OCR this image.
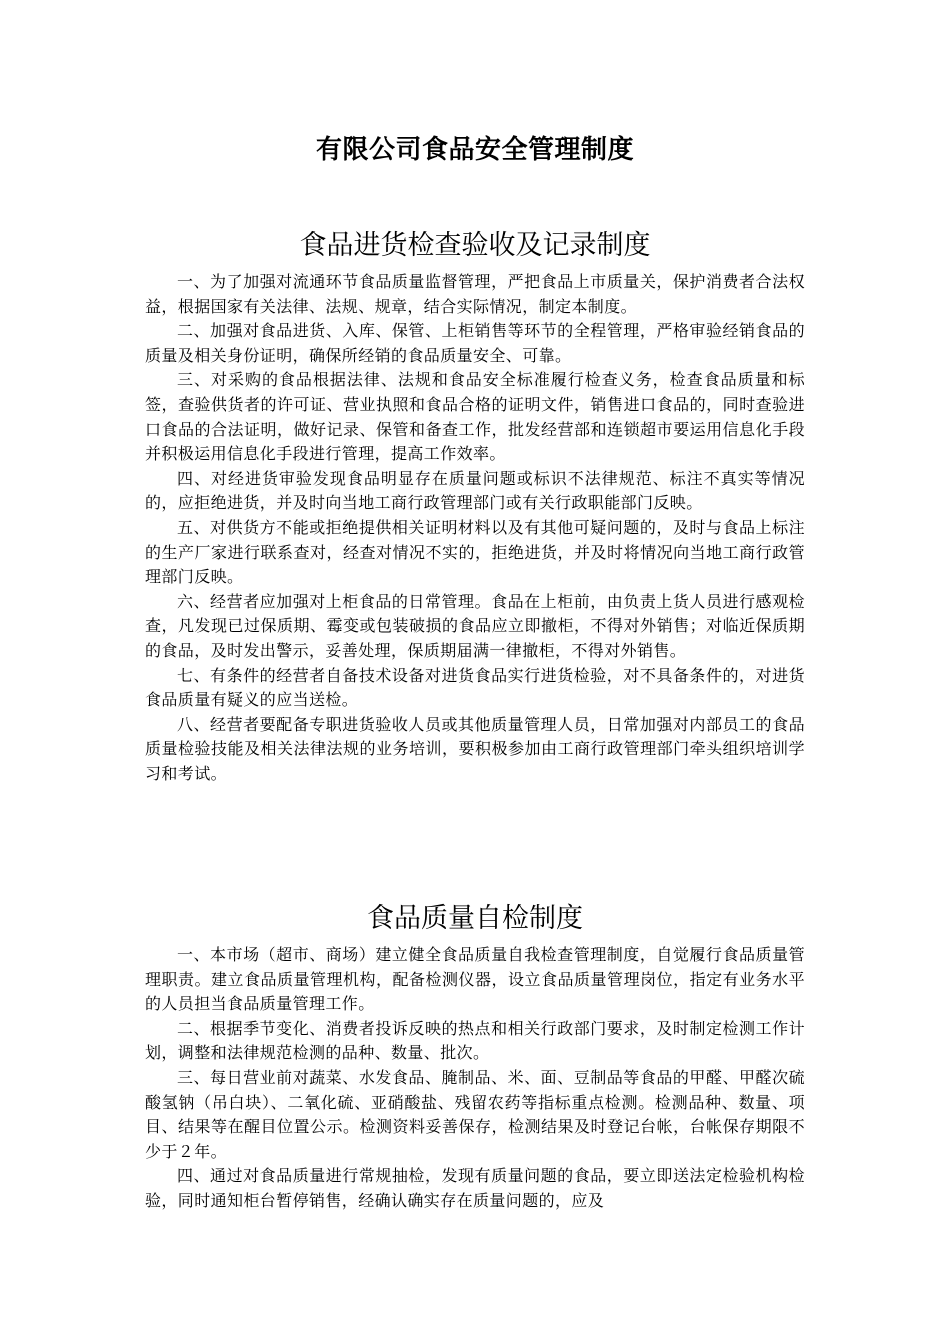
有限公司食品安全管理制度
食品进货检查验收及记录制度

一、为了加强对流通环节食品质量监督管理，严把食品上市质量关，保护消费者合法权益，根据国家有关法律、法规、规章，结合实际情况，制定本制度。

二、加强对食品进货、入库、保管、上柜销售等环节的全程管理，严格审验经销食品的质量及相关身份证明，确保所经销的食品质量安全、可靠。

三、对采购的食品根据法律、法规和食品安全标准履行检查义务，检查食品质量和标签，查验供货者的许可证、营业执照和食品合格的证明文件，销售进口食品的，同时查验进口食品的合法证明，做好记录、保管和备查工作，批发经营部和连锁超市要运用信息化手段并积极运用信息化手段进行管理，提高工作效率。

四、对经进货审验发现食品明显存在质量问题或标识不法律规范、标注不真实等情况的，应拒绝进货，并及时向当地工商行政管理部门或有关行政职能部门反映。

五、对供货方不能或拒绝提供相关证明材料以及有其他可疑问题的，及时与食品上标注的生产厂家进行联系查对，经查对情况不实的，拒绝进货，并及时将情况向当地工商行政管理部门反映。

六、经营者应加强对上柜食品的日常管理。食品在上柜前，由负责上货人员进行感观检查，凡发现已过保质期、霉变或包装破损的食品应立即撤柜，不得对外销售；对临近保质期的食品，及时发出警示，妥善处理，保质期届满一律撤柜，不得对外销售。

七、有条件的经营者自备技术设备对进货食品实行进货检验，对不具备条件的，对进货食品质量有疑义的应当送检。

八、经营者要配备专职进货验收人员或其他质量管理人员，日常加强对内部员工的食品质量检验技能及相关法律法规的业务培训，要积极参加由工商行政管理部门牵头组织培训学习和考试。

食品质量自检制度

一、本市场（超市、商场）建立健全食品质量自我检查管理制度，自觉履行食品质量管理职责。建立食品质量管理机构，配备检测仪器，设立食品质量管理岗位，指定有业务水平的人员担当食品质量管理工作。

二、根据季节变化、消费者投诉反映的热点和相关行政部门要求，及时制定检测工作计划，调整和法律规范检测的品种、数量、批次。

三、每日营业前对蔬菜、水发食品、腌制品、米、面、豆制品等食品的甲醛、甲醛次硫酸氢钠（吊白块）、二氧化硫、亚硝酸盐、残留农药等指标重点检测。检测品种、数量、项目、结果等在醒目位置公示。检测资料妥善保存，检测结果及时登记台帐，台帐保存期限不少于２年。

四、通过对食品质量进行常规抽检，发现有质量问题的食品，要立即送法定检验机构检验，同时通知柜台暂停销售，经确认确实存在质量问题的，应及
